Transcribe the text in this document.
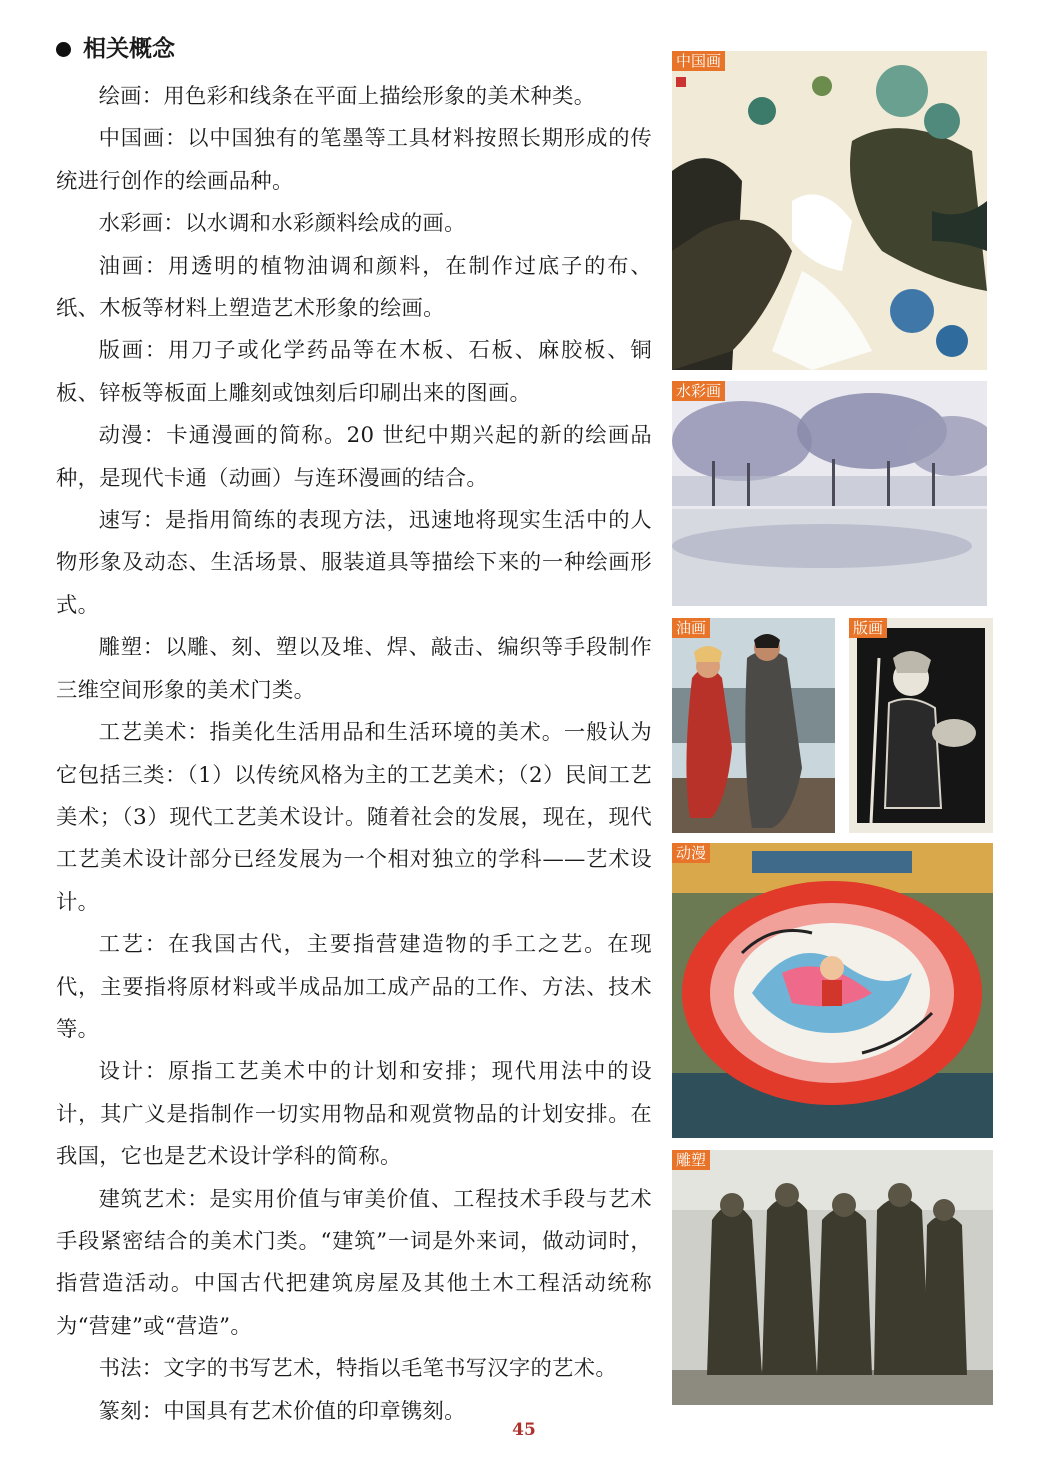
相关概念

绘画：用色彩和线条在平面上描绘形象的美术种类。

中国画：以中国独有的笔墨等工具材料按照长期形成的传统进行创作的绘画品种。

水彩画：以水调和水彩颜料绘成的画。

油画：用透明的植物油调和颜料，在制作过底子的布、纸、木板等材料上塑造艺术形象的绘画。

版画：用刀子或化学药品等在木板、石板、麻胶板、铜板、锌板等板面上雕刻或蚀刻后印刷出来的图画。

动漫：卡通漫画的简称。20 世纪中期兴起的新的绘画品种，是现代卡通（动画）与连环漫画的结合。

速写：是指用简练的表现方法，迅速地将现实生活中的人物形象及动态、生活场景、服装道具等描绘下来的一种绘画形式。

雕塑：以雕、刻、塑以及堆、焊、敲击、编织等手段制作三维空间形象的美术门类。

工艺美术：指美化生活用品和生活环境的美术。一般认为它包括三类：（1）以传统风格为主的工艺美术；（2）民间工艺美术；（3）现代工艺美术设计。随着社会的发展，现在，现代工艺美术设计部分已经发展为一个相对独立的学科——艺术设计。

工艺：在我国古代，主要指营建造物的手工之艺。在现代，主要指将原材料或半成品加工成产品的工作、方法、技术等。

设计：原指工艺美术中的计划和安排；现代用法中的设计，其广义是指制作一切实用物品和观赏物品的计划安排。在我国，它也是艺术设计学科的简称。

建筑艺术：是实用价值与审美价值、工程技术手段与艺术手段紧密结合的美术门类。“建筑”一词是外来词，做动词时，指营造活动。中国古代把建筑房屋及其他土木工程活动统称为“营建”或“营造”。

书法：文字的书写艺术，特指以毛笔书写汉字的艺术。

篆刻：中国具有艺术价值的印章镌刻。

中国画
水彩画
油画	版画
动漫
雕塑
45
